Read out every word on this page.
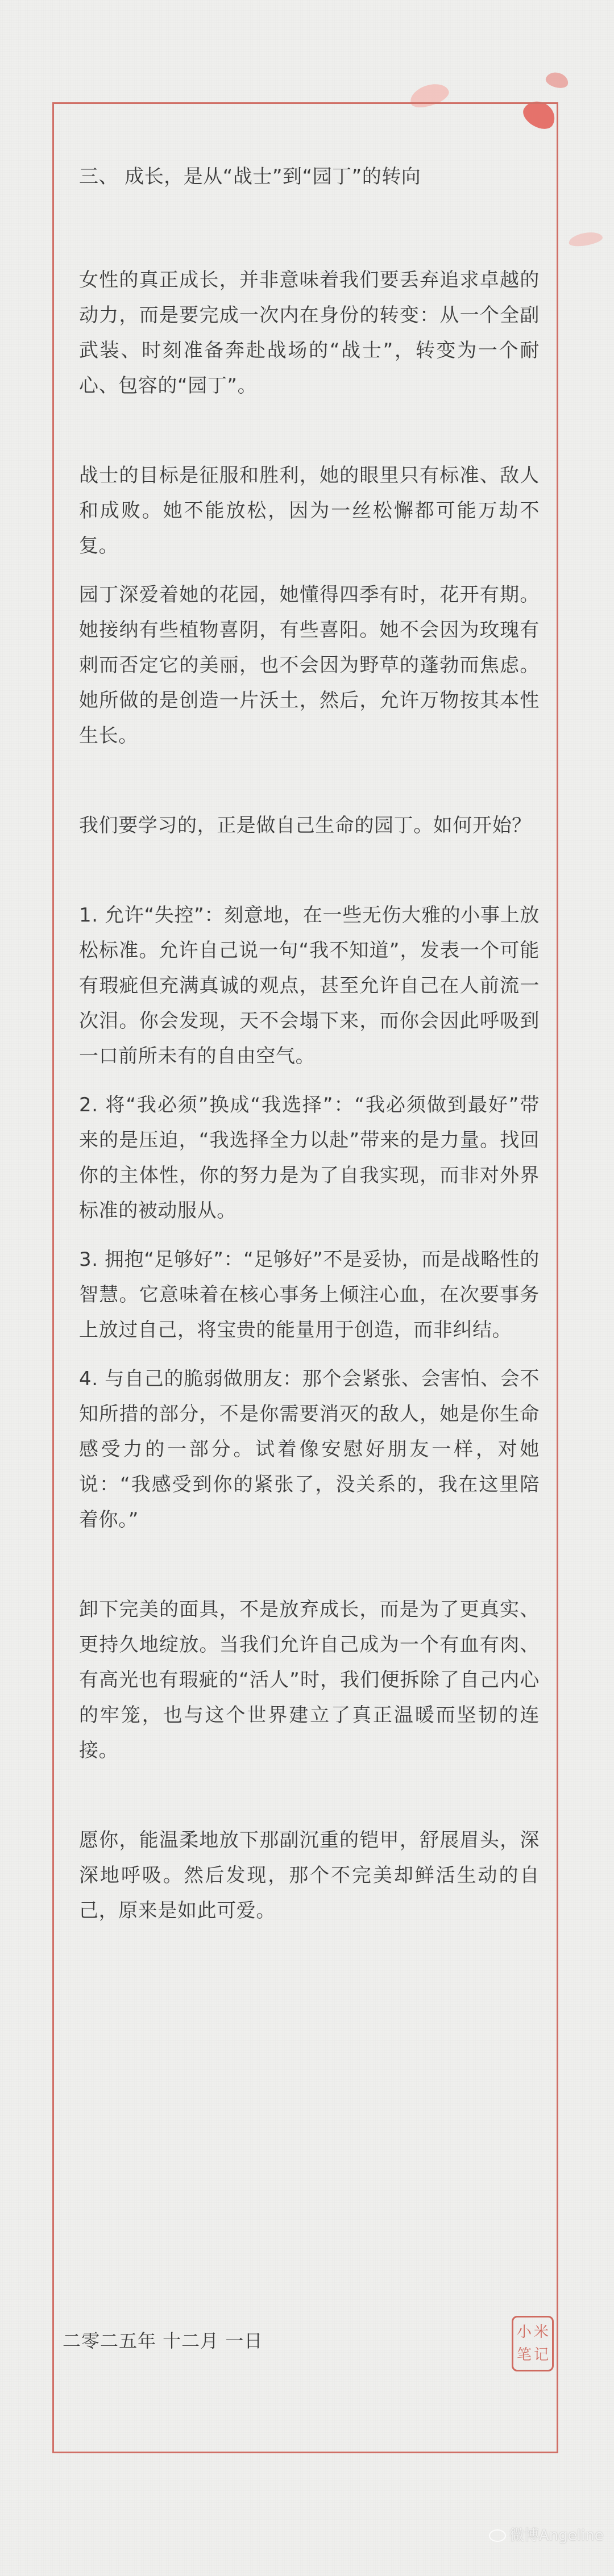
三、 成长，是从“战士”到“园丁”的转向

女性的真正成长，并非意味着我们要丢弃追求卓越的动力，而是要完成一次内在身份的转变：从一个全副武装、时刻准备奔赴战场的“战士”，转变为一个耐心、包容的“园丁”。

战士的目标是征服和胜利，她的眼里只有标准、敌人和成败。她不能放松，因为一丝松懈都可能万劫不复。

园丁深爱着她的花园，她懂得四季有时，花开有期。她接纳有些植物喜阴，有些喜阳。她不会因为玫瑰有刺而否定它的美丽，也不会因为野草的蓬勃而焦虑。她所做的是创造一片沃土，然后，允许万物按其本性生长。

我们要学习的，正是做自己生命的园丁。如何开始？

1. 允许“失控”：刻意地，在一些无伤大雅的小事上放松标准。允许自己说一句“我不知道”，发表一个可能有瑕疵但充满真诚的观点，甚至允许自己在人前流一次泪。你会发现，天不会塌下来，而你会因此呼吸到一口前所未有的自由空气。

2. 将“我必须”换成“我选择”：“我必须做到最好”带来的是压迫，“我选择全力以赴”带来的是力量。找回你的主体性，你的努力是为了自我实现，而非对外界标准的被动服从。

3. 拥抱“足够好”：“足够好”不是妥协，而是战略性的智慧。它意味着在核心事务上倾注心血，在次要事务上放过自己，将宝贵的能量用于创造，而非纠结。

4. 与自己的脆弱做朋友：那个会紧张、会害怕、会不知所措的部分，不是你需要消灭的敌人，她是你生命感受力的一部分。试着像安慰好朋友一样，对她说：“我感受到你的紧张了，没关系的，我在这里陪着你。”

卸下完美的面具，不是放弃成长，而是为了更真实、更持久地绽放。当我们允许自己成为一个有血有肉、有高光也有瑕疵的“活人”时，我们便拆除了自己内心的牢笼，也与这个世界建立了真正温暖而坚韧的连接。

愿你，能温柔地放下那副沉重的铠甲，舒展眉头，深深地呼吸。然后发现，那个不完美却鲜活生动的自己，原来是如此可爱。

二零二五年 十二月 一日	小 米
笔 记
微博Angeline
